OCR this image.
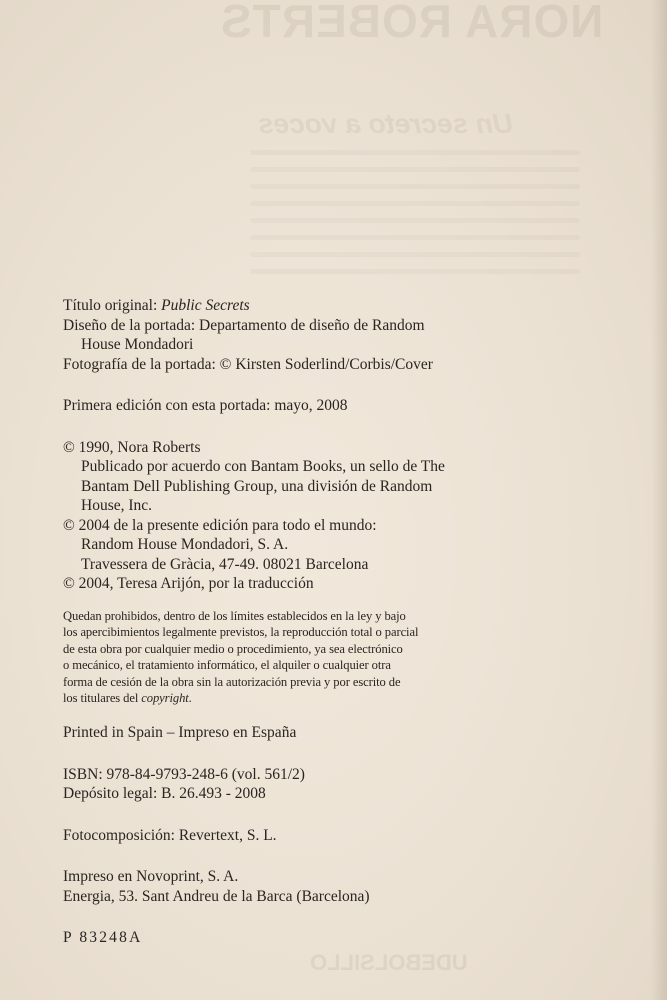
NORA ROBERTS
Un secreto a voces
UDEBOLSILLO
Título original: Public Secrets
Diseño de la portada: Departamento de diseño de Random
House Mondadori
Fotografía de la portada: © Kirsten Soderlind/Corbis/Cover
Primera edición con esta portada: mayo, 2008
© 1990, Nora Roberts
Publicado por acuerdo con Bantam Books, un sello de The
Bantam Dell Publishing Group, una división de Random
House, Inc.
© 2004 de la presente edición para todo el mundo:
Random House Mondadori, S. A.
Travessera de Gràcia, 47-49. 08021 Barcelona
© 2004, Teresa Arijón, por la traducción
Quedan prohibidos, dentro de los límites establecidos en la ley y bajo
los apercibimientos legalmente previstos, la reproducción total o parcial
de esta obra por cualquier medio o procedimiento, ya sea electrónico
o mecánico, el tratamiento informático, el alquiler o cualquier otra
forma de cesión de la obra sin la autorización previa y por escrito de
los titulares del copyright.
Printed in Spain – Impreso en España
ISBN: 978-84-9793-248-6 (vol. 561/2)
Depósito legal: B. 26.493 - 2008
Fotocomposición: Revertext, S. L.
Impreso en Novoprint, S. A.
Energia, 53. Sant Andreu de la Barca (Barcelona)
P 83248A
